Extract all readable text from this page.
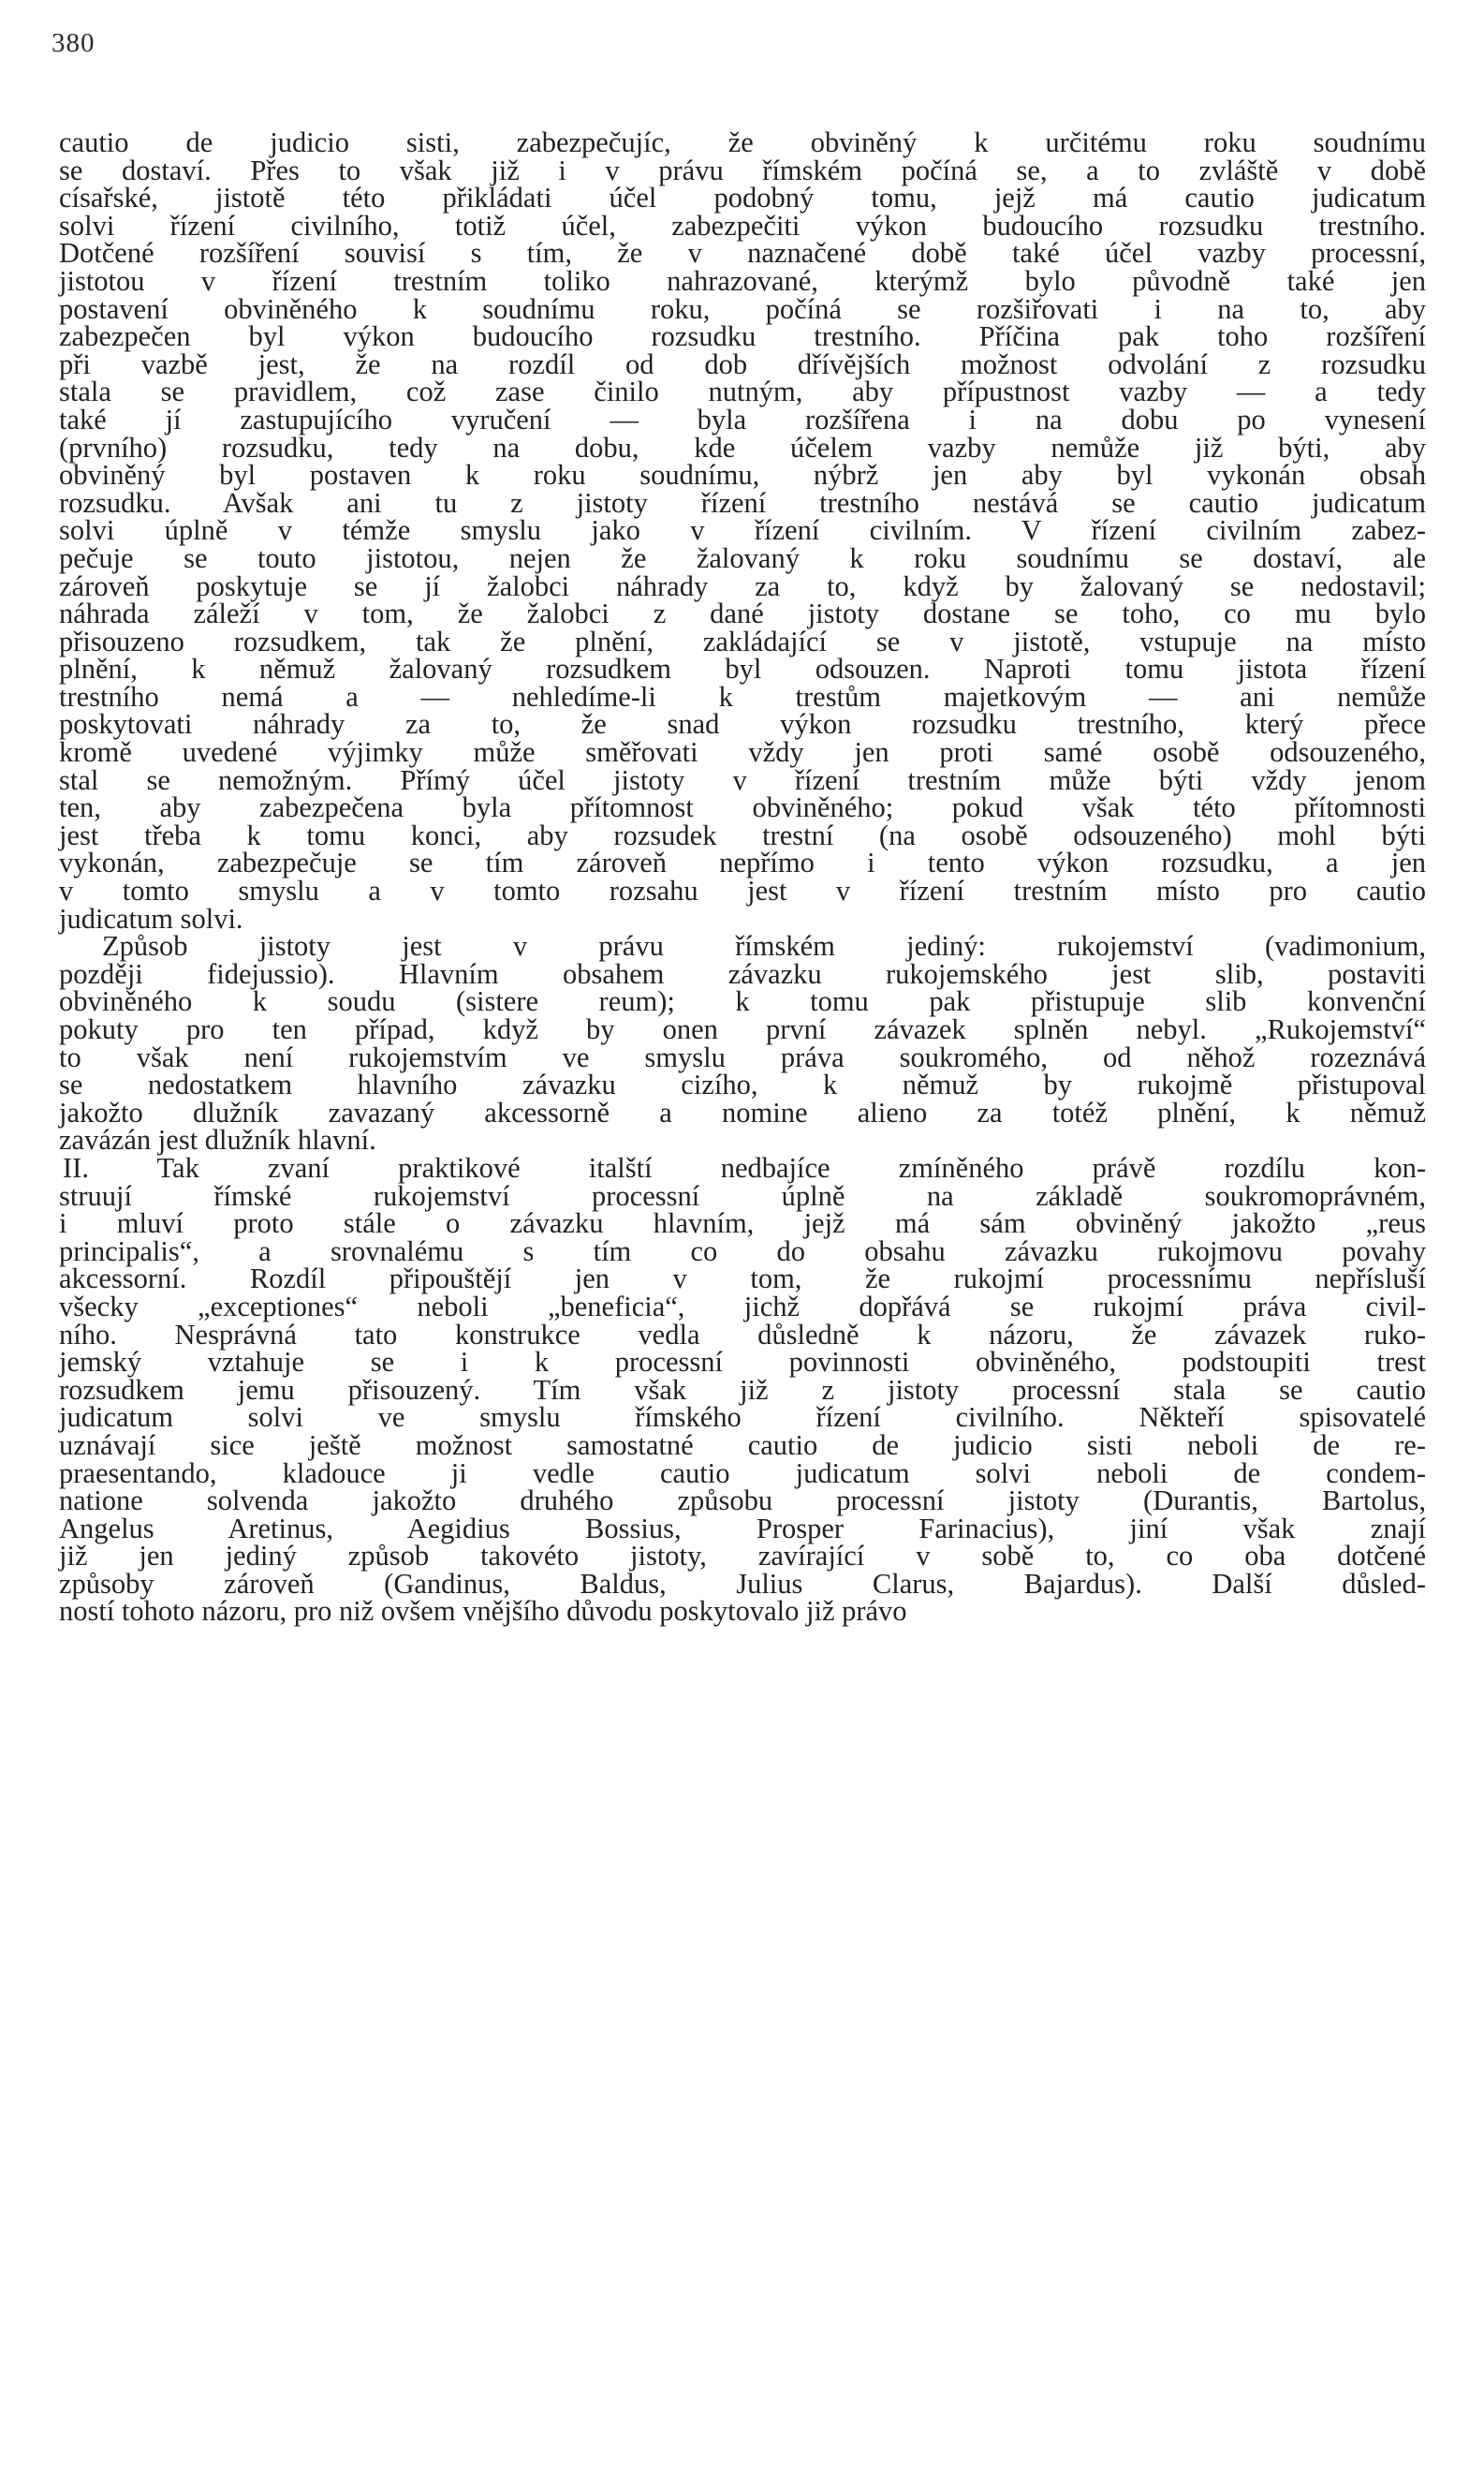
380
cautio de judicio sisti, zabezpečujíc, že obviněný k určitému roku soudnímu
se dostaví. Přes to však již i v právu římském počíná se, a to zvláště v době
císařské, jistotě této přikládati účel podobný tomu, jejž má cautio judicatum
solvi řízení civilního, totiž účel, zabezpečiti výkon budoucího rozsudku trestního.
Dotčené rozšíření souvisí s tím, že v naznačené době také účel vazby processní,
jistotou v řízení trestním toliko nahrazované, kterýmž bylo původně také jen
postavení obviněného k soudnímu roku, počíná se rozšiřovati i na to, aby
zabezpečen byl výkon budoucího rozsudku trestního. Příčina pak toho rozšíření
při vazbě jest, že na rozdíl od dob dřívějších možnost odvolání z rozsudku
stala se pravidlem, což zase činilo nutným, aby přípustnost vazby — a tedy
také jí zastupujícího vyručení — byla rozšířena i na dobu po vynesení
(prvního) rozsudku, tedy na dobu, kde účelem vazby nemůže již býti, aby
obviněný byl postaven k roku soudnímu, nýbrž jen aby byl vykonán obsah
rozsudku. Avšak ani tu z jistoty řízení trestního nestává se cautio judicatum
solvi úplně v témže smyslu jako v řízení civilním. V řízení civilním zabez-
pečuje se touto jistotou, nejen že žalovaný k roku soudnímu se dostaví, ale
zároveň poskytuje se jí žalobci náhrady za to, když by žalovaný se nedostavil;
náhrada záleží v tom, že žalobci z dané jistoty dostane se toho, co mu bylo
přisouzeno rozsudkem, tak že plnění, zakládající se v jistotě, vstupuje na místo
plnění, k němuž žalovaný rozsudkem byl odsouzen. Naproti tomu jistota řízení
trestního nemá a — nehledíme-li k trestům majetkovým — ani nemůže
poskytovati náhrady za to, že snad výkon rozsudku trestního, který přece
kromě uvedené výjimky může směřovati vždy jen proti samé osobě odsouzeného,
stal se nemožným. Přímý účel jistoty v řízení trestním může býti vždy jenom
ten, aby zabezpečena byla přítomnost obviněného; pokud však této přítomnosti
jest třeba k tomu konci, aby rozsudek trestní (na osobě odsouzeného) mohl býti
vykonán, zabezpečuje se tím zároveň nepřímo i tento výkon rozsudku, a jen
v tomto smyslu a v tomto rozsahu jest v řízení trestním místo pro cautio
judicatum solvi.
Způsob jistoty jest v právu římském jediný: rukojemství (vadimonium,
později fidejussio). Hlavním obsahem závazku rukojemského jest slib, postaviti
obviněného k soudu (sistere reum); k tomu pak přistupuje slib konvenční
pokuty pro ten případ, když by onen první závazek splněn nebyl. „Rukojemství“
to však není rukojemstvím ve smyslu práva soukromého, od něhož rozeznává
se nedostatkem hlavního závazku cizího, k němuž by rukojmě přistupoval
jakožto dlužník zavazaný akcessorně a nomine alieno za totéž plnění, k němuž
zavázán jest dlužník hlavní.
II. Tak zvaní praktikové italští nedbajíce zmíněného právě rozdílu kon-
struují římské rukojemství processní úplně na základě soukromoprávném,
i mluví proto stále o závazku hlavním, jejž má sám obviněný jakožto „reus
principalis“, a srovnalému s tím co do obsahu závazku rukojmovu povahy
akcessorní. Rozdíl připouštějí jen v tom, že rukojmí processnímu nepřísluší
všecky „exceptiones“ neboli „beneficia“, jichž dopřává se rukojmí práva civil-
ního. Nesprávná tato konstrukce vedla důsledně k názoru, že závazek ruko-
jemský vztahuje se i k processní povinnosti obviněného, podstoupiti trest
rozsudkem jemu přisouzený. Tím však již z jistoty processní stala se cautio
judicatum solvi ve smyslu římského řízení civilního. Někteří spisovatelé
uznávají sice ještě možnost samostatné cautio de judicio sisti neboli de re-
praesentando, kladouce ji vedle cautio judicatum solvi neboli de condem-
natione solvenda jakožto druhého způsobu processní jistoty (Durantis, Bartolus,
Angelus Aretinus, Aegidius Bossius, Prosper Farinacius), jiní však znají
již jen jediný způsob takovéto jistoty, zavírající v sobě to, co oba dotčené
způsoby zároveň (Gandinus, Baldus, Julius Clarus, Bajardus). Další důsled-
ností tohoto názoru, pro niž ovšem vnějšího důvodu poskytovalo již právo
